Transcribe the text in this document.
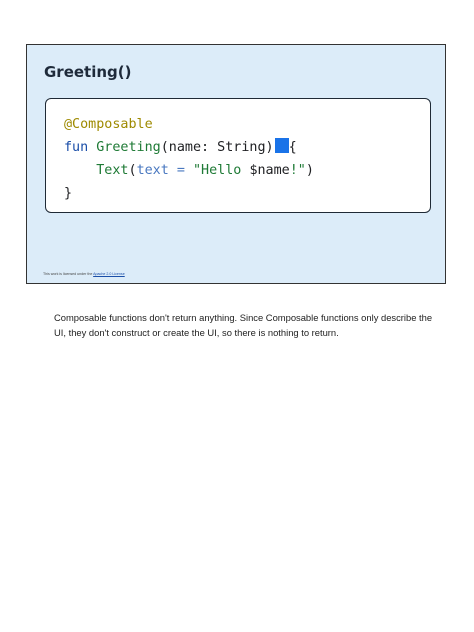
Greeting()
@Composable
fun Greeting(name: String) {
Text(text = "Hello $name!")
}
This work is licensed under the Apache 2.0 License
Composable functions don't return anything. Since Composable functions only describe the UI, they don't construct or create the UI, so there is nothing to return.
